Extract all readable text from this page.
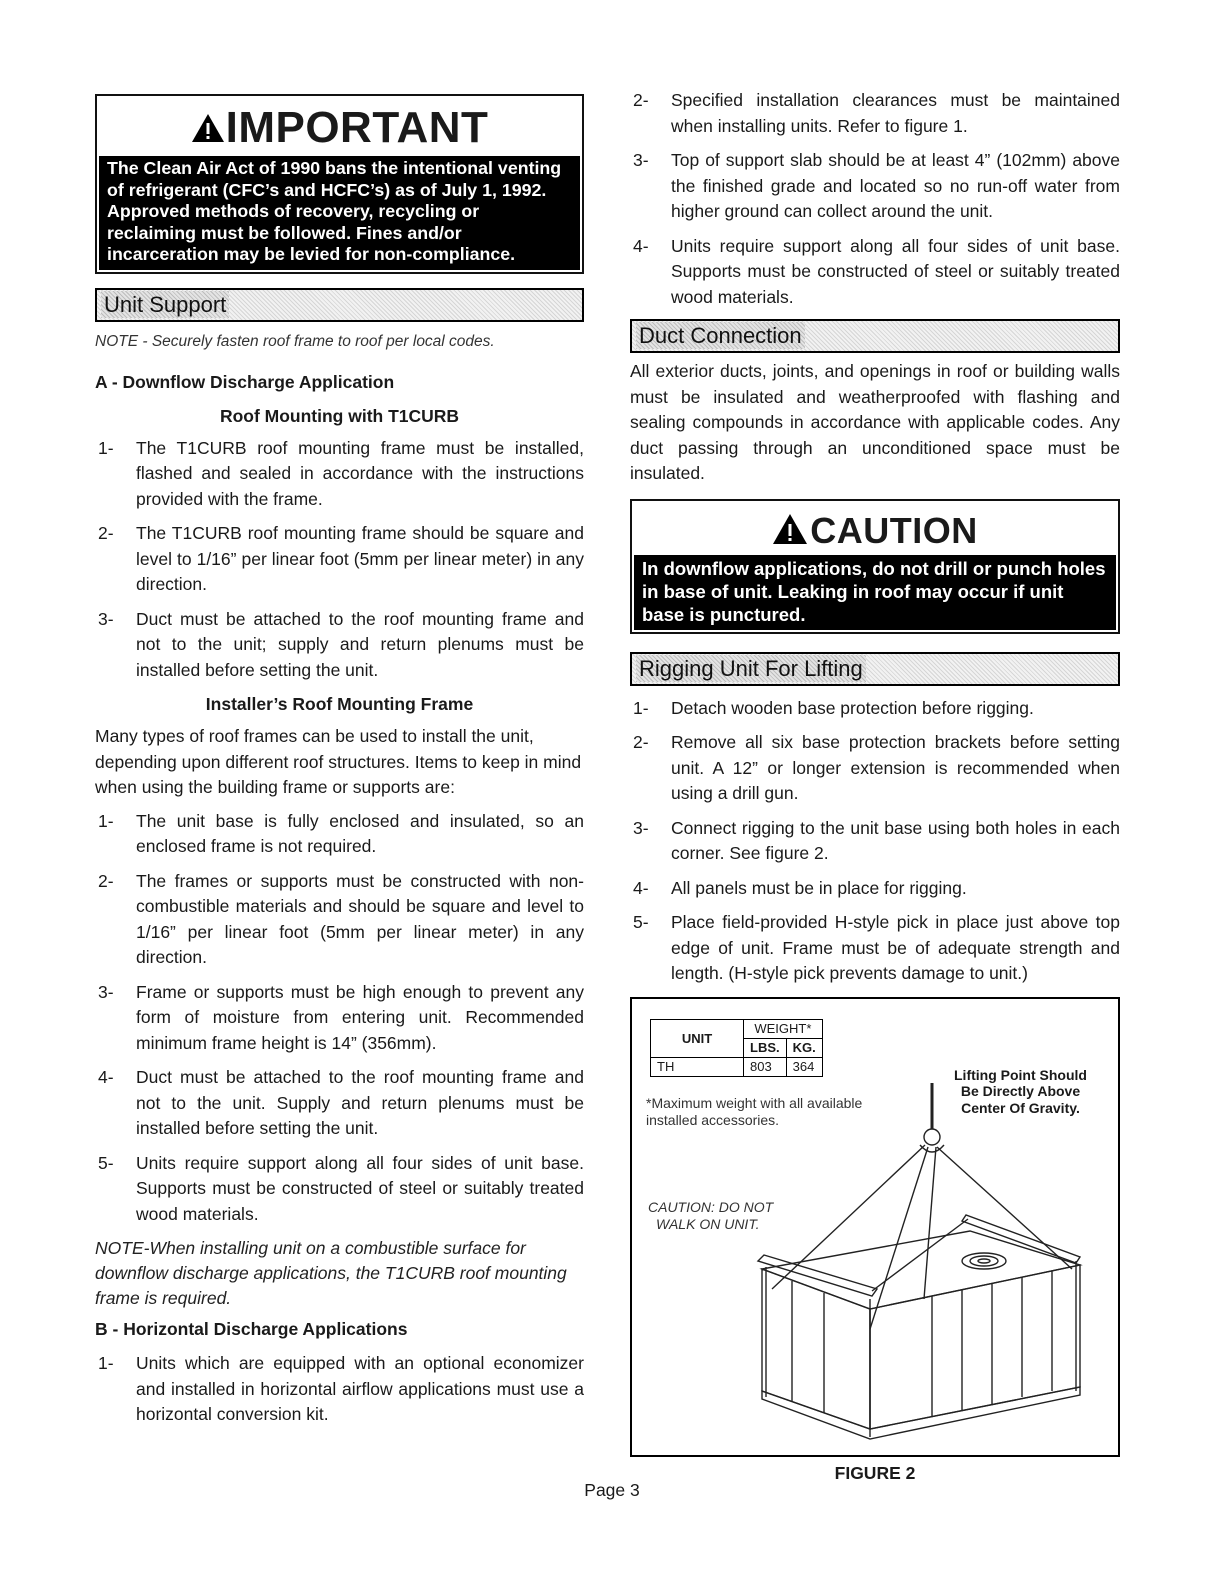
IMPORTANT
The Clean Air Act of 1990 bans the intentional venting of refrigerant (CFC’s and HCFC’s) as of July 1, 1992. Approved methods of recovery, recycling or reclaiming must be followed. Fines and/or incarceration may be levied for non-compliance.
Unit Support
NOTE - Securely fasten roof frame to roof per local codes.
A - Downflow Discharge Application
Roof Mounting with T1CURB
1- The T1CURB roof mounting frame must be installed, flashed and sealed in accordance with the instructions provided with the frame.
2- The T1CURB roof mounting frame should be square and level to 1/16” per linear foot (5mm per linear meter) in any direction.
3- Duct must be attached to the roof mounting frame and not to the unit; supply and return plenums must be installed before setting the unit.
Installer’s Roof Mounting Frame

Many types of roof frames can be used to install the unit, depending upon different roof structures. Items to keep in mind when using the building frame or supports are:

1- The unit base is fully enclosed and insulated, so an enclosed frame is not required.
2- The frames or supports must be constructed with non-combustible materials and should be square and level to 1/16” per linear foot (5mm per linear meter) in any direction.
3- Frame or supports must be high enough to prevent any form of moisture from entering unit. Recommended minimum frame height is 14” (356mm).
4- Duct must be attached to the roof mounting frame and not to the unit. Supply and return plenums must be installed before setting the unit.
5- Units require support along all four sides of unit base. Supports must be constructed of steel or suitably treated wood materials.
NOTE-When installing unit on a combustible surface for downflow discharge applications, the T1CURB roof mounting frame is required.
B - Horizontal Discharge Applications
1- Units which are equipped with an optional economizer and installed in horizontal airflow applications must use a horizontal conversion kit.
2- Specified installation clearances must be maintained when installing units. Refer to figure 1.
3- Top of support slab should be at least 4” (102mm) above the finished grade and located so no run-off water from higher ground can collect around the unit.
4- Units require support along all four sides of unit base. Supports must be constructed of steel or suitably treated wood materials.
Duct Connection

All exterior ducts, joints, and openings in roof or building walls must be insulated and weatherproofed with flashing and sealing compounds in accordance with applicable codes. Any duct passing through an unconditioned space must be insulated.

CAUTION
In downflow applications, do not drill or punch holes in base of unit. Leaking in roof may occur if unit base is punctured.
Rigging Unit For Lifting
1- Detach wooden base protection before rigging.
2- Remove all six base protection brackets before setting unit. A 12” or longer extension is recommended when using a drill gun.
3- Connect rigging to the unit base using both holes in each corner. See figure 2.
4- All panels must be in place for rigging.
5- Place field-provided H-style pick in place just above top edge of unit. Frame must be of adequate strength and length. (H-style pick prevents damage to unit.)
UNIT	WEIGHT*	
	LBS.	KG.
TH	803	364
*Maximum weight with all available
installed accessories.
CAUTION: DO NOT
WALK ON UNIT.
Lifting Point Should
Be Directly Above
Center Of Gravity.
FIGURE 2
Page 3
